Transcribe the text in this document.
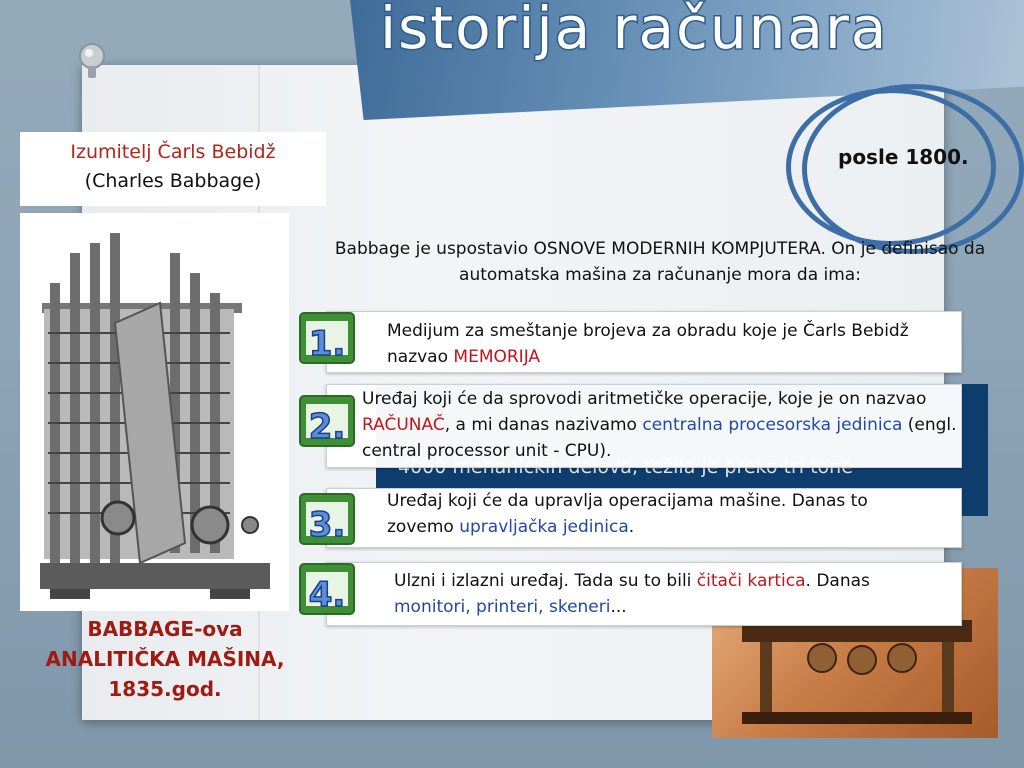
istorija računara
posle 1800.
Izumitelj Čarls Bebidž
(Charles Babbage)
BABBAGE-ova
ANALITIČKA MAŠINA,
1835.god.
Babbage je uspostavio OSNOVE MODERNIH KOMPJUTERA. On je definisao da automatska mašina za računanje mora da ima:
1. Medijum za smeštanje brojeva za obradu koje je Čarls Bebidž nazvao MEMORIJA
2.
Uređaj koji će da sprovodi aritmetičke operacije, koje je on nazvao RAČUNAČ, a mi danas nazivamo centralna procesorska jedinica (engl. central processor unit - CPU).
3.
Uređaj koji će da upravlja operacijama mašine. Danas to zovemo upravljačka jedinica.
4.	Ulzni i izlazni uređaj. Tada su to bili čitači kartica. Danas monitori, printeri, skeneri...
